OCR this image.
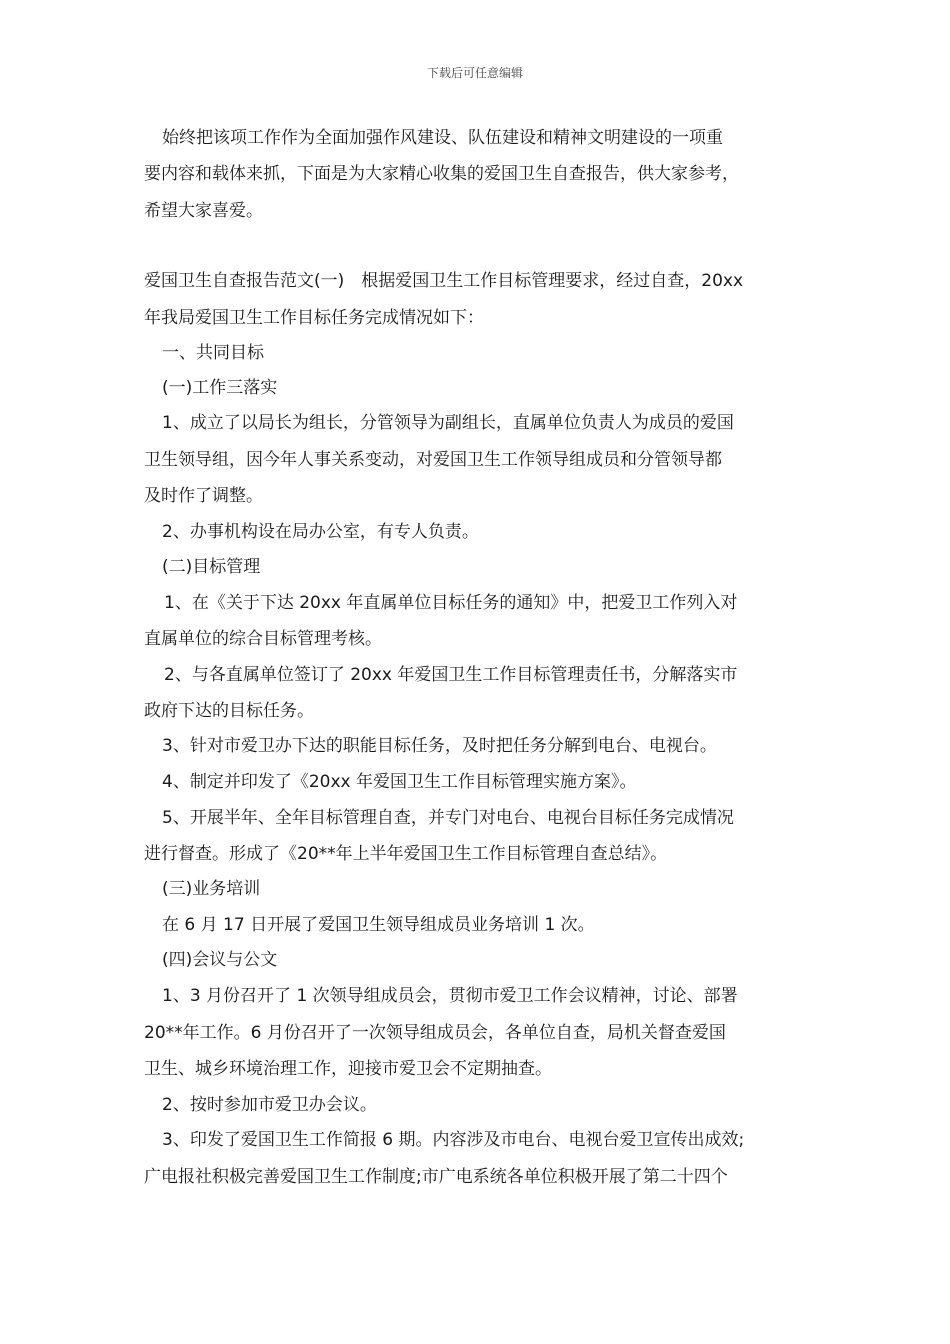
下载后可任意编辑
始终把该项工作作为全面加强作风建设、队伍建设和精神文明建设的一项重
要内容和载体来抓，下面是为大家精心收集的爱国卫生自查报告，供大家参考，
希望大家喜爱。
爱国卫生自查报告范文(一)　根据爱国卫生工作目标管理要求，经过自查，20xx
年我局爱国卫生工作目标任务完成情况如下：
一、共同目标
(一)工作三落实
1、成立了以局长为组长，分管领导为副组长，直属单位负责人为成员的爱国
卫生领导组，因今年人事关系变动，对爱国卫生工作领导组成员和分管领导都
及时作了调整。
2、办事机构设在局办公室，有专人负责。
(二)目标管理
1、在《关于下达 20xx 年直属单位目标任务的通知》中，把爱卫工作列入对
直属单位的综合目标管理考核。
2、与各直属单位签订了 20xx 年爱国卫生工作目标管理责任书，分解落实市
政府下达的目标任务。
3、针对市爱卫办下达的职能目标任务，及时把任务分解到电台、电视台。
4、制定并印发了《20xx 年爱国卫生工作目标管理实施方案》。
5、开展半年、全年目标管理自查，并专门对电台、电视台目标任务完成情况
进行督查。形成了《20**年上半年爱国卫生工作目标管理自查总结》。
(三)业务培训
在 6 月 17 日开展了爱国卫生领导组成员业务培训 1 次。
(四)会议与公文
1、3 月份召开了 1 次领导组成员会，贯彻市爱卫工作会议精神，讨论、部署
20**年工作。6 月份召开了一次领导组成员会，各单位自查，局机关督查爱国
卫生、城乡环境治理工作，迎接市爱卫会不定期抽查。
2、按时参加市爱卫办会议。
3、印发了爱国卫生工作简报 6 期。内容涉及市电台、电视台爱卫宣传出成效;
广电报社积极完善爱国卫生工作制度;市广电系统各单位积极开展了第二十四个
